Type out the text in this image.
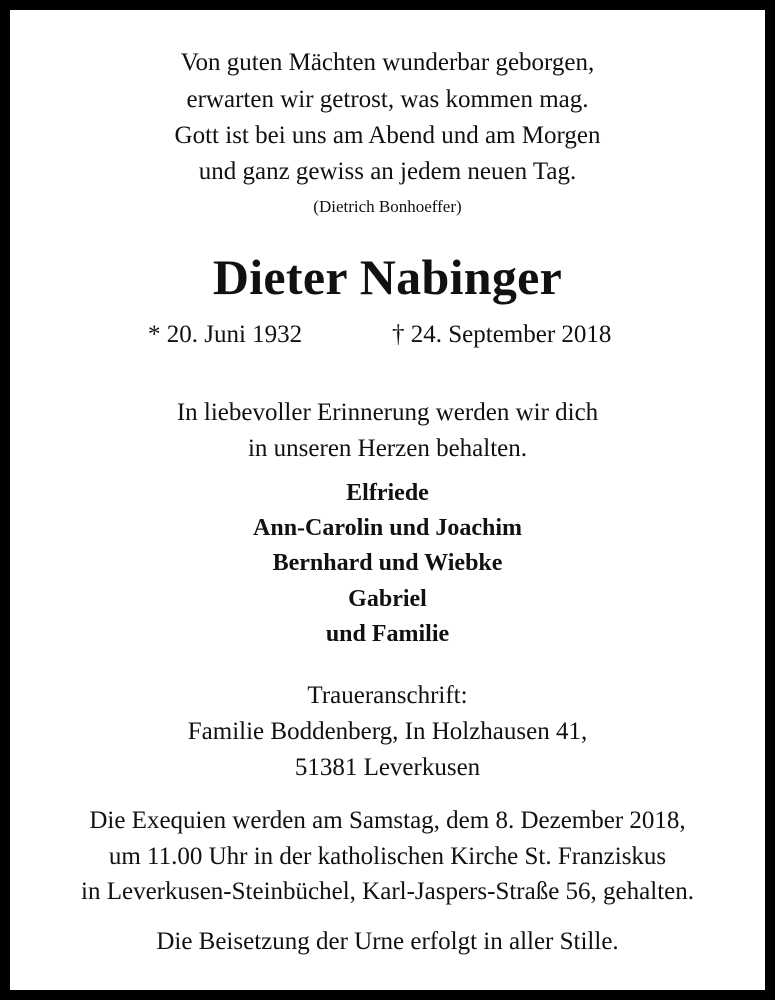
Von guten Mächten wunderbar geborgen,
erwarten wir getrost, was kommen mag.
Gott ist bei uns am Abend und am Morgen
und ganz gewiss an jedem neuen Tag.
(Dietrich Bonhoeffer)
Dieter Nabinger
* 20. Juni 1932	† 24. September 2018
In liebevoller Erinnerung werden wir dich
in unseren Herzen behalten.
Elfriede
Ann-Carolin und Joachim
Bernhard und Wiebke
Gabriel
und Familie
Traueranschrift:
Familie Boddenberg, In Holzhausen 41,
51381 Leverkusen
Die Exequien werden am Samstag, dem 8. Dezember 2018,
um 11.00 Uhr in der katholischen Kirche St. Franziskus
in Leverkusen-Steinbüchel, Karl-Jaspers-Straße 56, gehalten.
Die Beisetzung der Urne erfolgt in aller Stille.
